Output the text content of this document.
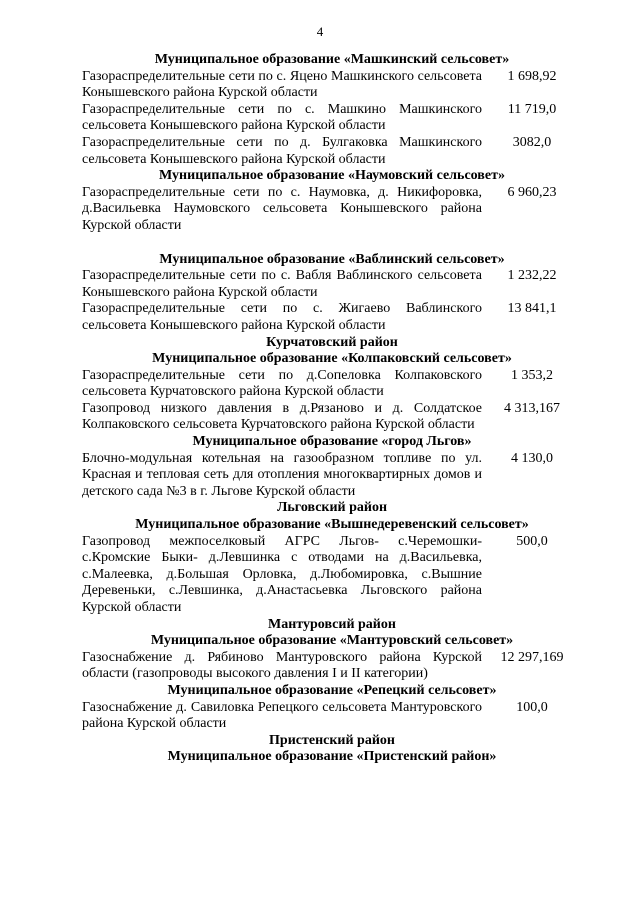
4
Муниципальное образование «Машкинский сельсовет»
Газораспределительные сети по с. Яцено Машкинского сельсовета Конышевского района Курской области
1 698,92
Газораспределительные сети по с. Машкино Машкинского сельсовета Конышевского района Курской области
11 719,0
Газораспределительные сети по д. Булгаковка Машкинского сельсовета Конышевского района Курской области
3082,0
Муниципальное образование «Наумовский сельсовет»
Газораспределительные сети по с. Наумовка, д. Никифоровка, д.Васильевка Наумовского сельсовета Конышевского района Курской области
6 960,23
Муниципальное образование «Ваблинский сельсовет»
Газораспределительные сети по с. Вабля Ваблинского сельсовета Конышевского района Курской области
1 232,22
Газораспределительные сети по с. Жигаево Ваблинского сельсовета Конышевского района Курской области
13 841,1
Курчатовский район
Муниципальное образование «Колпаковский сельсовет»
Газораспределительные сети по д.Сопеловка Колпаковского сельсовета Курчатовского района Курской области
1 353,2
Газопровод низкого давления в д.Рязаново и д. Солдатское Колпаковского сельсовета Курчатовского района Курской области
4 313,167
Муниципальное образование «город Льгов»
Блочно-модульная котельная на газообразном топливе по ул. Красная и тепловая сеть для отопления многоквартирных домов и детского сада №3 в г. Льгове Курской области
4 130,0
Льговский район
Муниципальное образование «Вышнедеревенский сельсовет»
Газопровод межпоселковый АГРС Льгов- с.Черемошки- с.Кромские Быки- д.Левшинка с отводами на д.Васильевка, с.Малеевка, д.Большая Орловка, д.Любомировка, с.Вышние Деревеньки, с.Левшинка, д.Анастасьевка Льговского района Курской области
500,0
Мантуровсий район
Муниципальное образование «Мантуровский сельсовет»
Газоснабжение д. Рябиново Мантуровского района Курской области (газопроводы высокого давления I и II категории)
12 297,169
Муниципальное образование «Репецкий сельсовет»
Газоснабжение д. Савиловка Репецкого сельсовета Мантуровского района Курской области
100,0
Пристенский район
Муниципальное образование «Пристенский район»
